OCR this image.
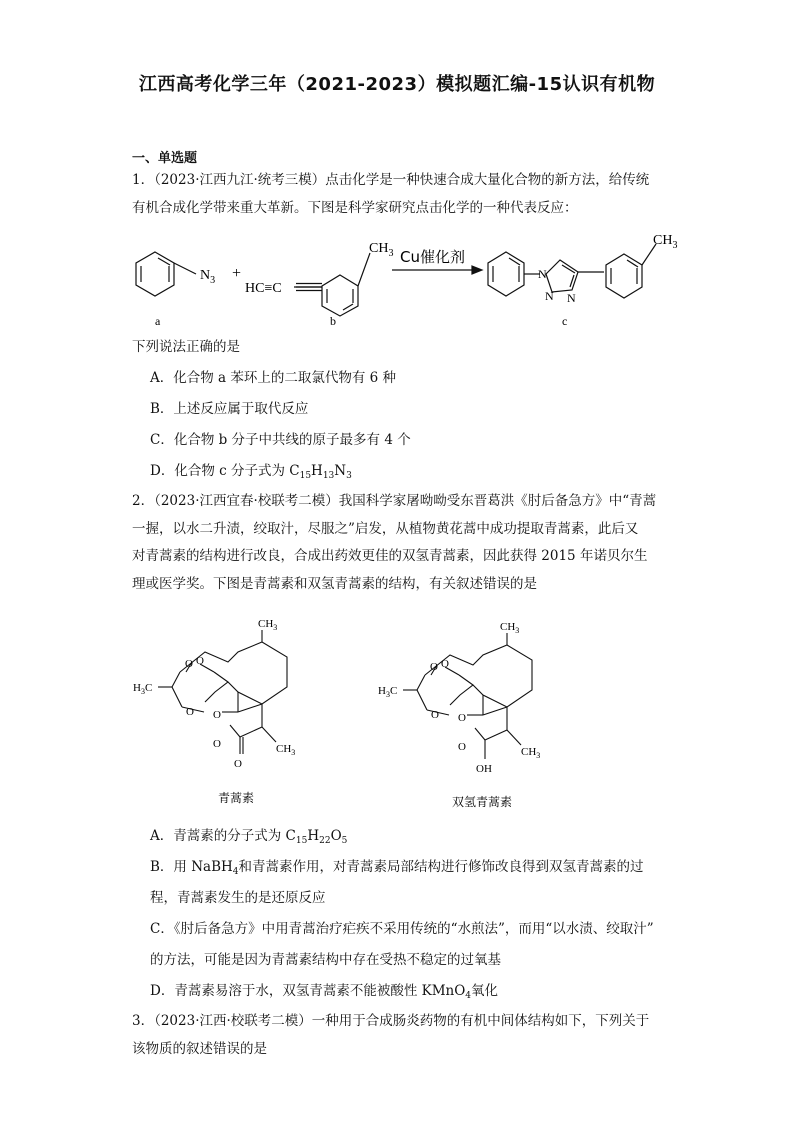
江西高考化学三年（2021-2023）模拟题汇编-15认识有机物
一、单选题
1．（2023·江西九江·统考三模）点击化学是一种快速合成大量化合物的新方法，给传统
有机合成化学带来重大革新。下图是科学家研究点击化学的一种代表反应：
$N_3$ +
HC≡C
$CH_3$ Cu催化剂
N
N N
$CH_3$
a	b	c
下列说法正确的是
A．化合物 a 苯环上的二取氯代物有 6 种
B．上述反应属于取代反应
C．化合物 b 分子中共线的原子最多有 4 个
D．化合物 c 分子式为 $C_{15}H_{13}N_3$
2．（2023·江西宜春·校联考二模）我国科学家屠呦呦受东晋葛洪《肘后备急方》中“青蒿
一握，以水二升渍，绞取汁，尽服之”启发，从植物黄花蒿中成功提取青蒿素，此后又
对青蒿素的结构进行改良，合成出药效更佳的双氢青蒿素，因此获得 2015 年诺贝尔生
理或医学奖。下图是青蒿素和双氢青蒿素的结构，有关叙述错误的是
$CH_3$
$H_3C$
O O
O O
O
O
$CH_3$
$CH_3$
$H_3C$
O O
O O
O
OH
$CH_3$
青蒿素	双氢青蒿素
A．青蒿素的分子式为 $C_{15}H_{22}O_5$
B．用 NaBH$_4$和青蒿素作用，对青蒿素局部结构进行修饰改良得到双氢青蒿素的过
程，青蒿素发生的是还原反应
C．《肘后备急方》中用青蒿治疗疟疾不采用传统的“水煎法”，而用“以水渍、绞取汁”
的方法，可能是因为青蒿素结构中存在受热不稳定的过氧基
D．青蒿素易溶于水，双氢青蒿素不能被酸性 KMnO$_4$氧化
3．（2023·江西·校联考二模）一种用于合成肠炎药物的有机中间体结构如下，下列关于
该物质的叙述错误的是
